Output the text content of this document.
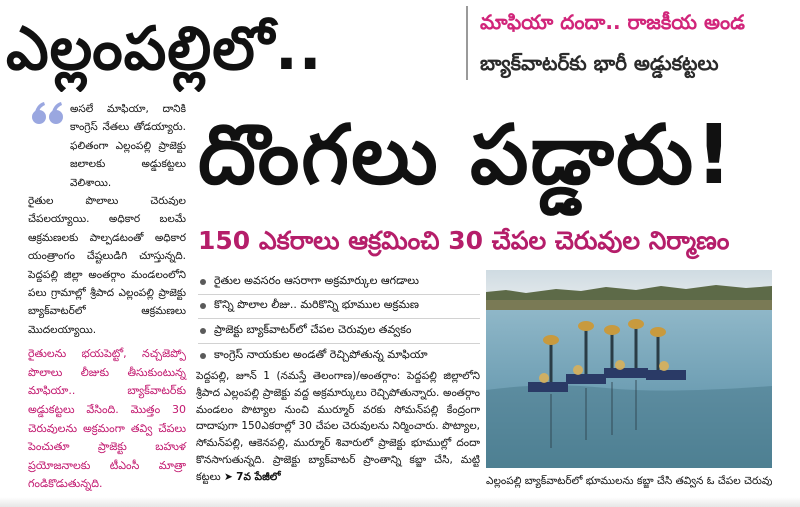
ఎల్లంపల్లిలో..	మాఫియా దందా.. రాజకీయ అండ
బ్యాక్‌వాటర్‌కు భారీ అడ్డుకట్టలు
దొంగలు పడ్డారు!
150 ఎకరాలు ఆక్రమించి 30 చేపల చెరువుల నిర్మాణం

అసలే మాఫియా, దానికి కాంగ్రెస్ నేతలు తోడయ్యారు. ఫలితంగా ఎల్లంపల్లి ప్రాజెక్టు జలాలకు అడ్డుకట్టలు వెలిశాయి.

రైతుల పొలాలు చెరువుల చేపలయ్యాయి. అధికార బలమే ఆక్రమణలకు పాల్పడటంతో అధికార యంత్రాంగం చేష్టలుడిగి చూస్తున్నది. పెద్దపల్లి జిల్లా అంతర్గాం మండలంలోని పలు గ్రామాల్లో శ్రీపాద ఎల్లంపల్లి ప్రాజెక్టు బ్యాక్‌వాటర్‌లో ఆక్రమణలు మొదలయ్యాయి.

రైతులను భయపెట్టో, నచ్చజెప్పో పొలాలు లీజుకు తీసుకుంటున్న మాఫియా.. బ్యాక్‌వాటర్‌కు అడ్డుకట్టలు వేసింది. మొత్తం 30 చెరువులను అక్రమంగా తవ్వి చేపలు పెంచుతూ ప్రాజెక్టు బహుళ ప్రయోజనాలకు టీఎంసీ మాత్రా గండికొడుతున్నది.

రైతుల అవసరం ఆసరాగా అక్రమార్కుల ఆగడాలు
కొన్ని పొలాల లీజు.. మరికొన్ని భూముల అక్రమణ
ప్రాజెక్టు బ్యాక్‌వాటర్‌లో చేపల చెరువుల తవ్వకం
కాంగ్రెస్ నాయకుల అండతో రెచ్చిపోతున్న మాఫియా
పెద్దపల్లి, జూన్ 1 (నమస్తే తెలంగాణ)/అంతర్గాం: పెద్దపల్లి జిల్లాలోని శ్రీపాద ఎల్లంపల్లి ప్రాజెక్టు వద్ద అక్రమార్కులు రెచ్చిపోతున్నారు. అంతర్గాం మండలం పొట్యాల నుంచి ముర్మూర్ వరకు సోమన్‌పల్లి కేంద్రంగా దాదాపుగా 150ఎకరాల్లో 30 చేపల చెరువులను నిర్మించారు. పొట్యాల, సోమన్‌పల్లి, ఆకెనపల్లి, ముర్మూర్ శివారులో ప్రాజెక్టు భూముల్లో దందా కొనసాగుతున్నది. ప్రాజెక్టు బ్యాక్‌వాటర్ ప్రాంతాన్ని కబ్జా చేసి, మట్టి కట్టలు ➤ 7వ పేజీలో	ఎల్లంపల్లి బ్యాక్‌వాటర్‌లో భూములను కబ్జా చేసి తవ్విన ఓ చేపల చెరువు
